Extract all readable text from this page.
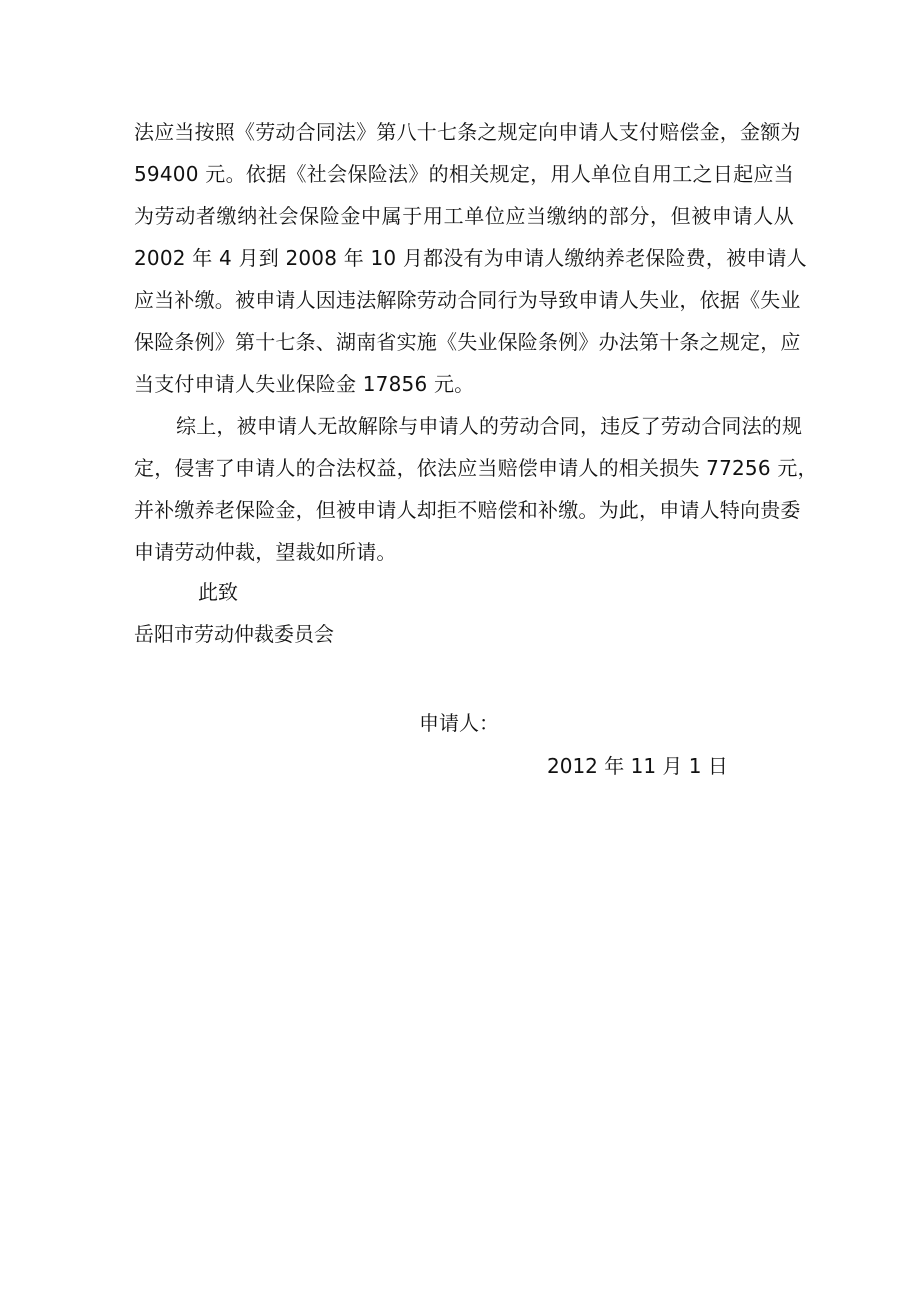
法应当按照《劳动合同法》第八十七条之规定向申请人支付赔偿金，金额为
59400 元。依据《社会保险法》的相关规定，用人单位自用工之日起应当
为劳动者缴纳社会保险金中属于用工单位应当缴纳的部分，但被申请人从
2002 年 4 月到 2008 年 10 月都没有为申请人缴纳养老保险费，被申请人
应当补缴。被申请人因违法解除劳动合同行为导致申请人失业，依据《失业
保险条例》第十七条、湖南省实施《失业保险条例》办法第十条之规定，应
当支付申请人失业保险金 17856 元。
综上，被申请人无故解除与申请人的劳动合同，违反了劳动合同法的规
定，侵害了申请人的合法权益，依法应当赔偿申请人的相关损失 77256 元，
并补缴养老保险金，但被申请人却拒不赔偿和补缴。为此，申请人特向贵委
申请劳动仲裁，望裁如所请。
此致
岳阳市劳动仲裁委员会
申请人：
2012 年 11 月 1 日
